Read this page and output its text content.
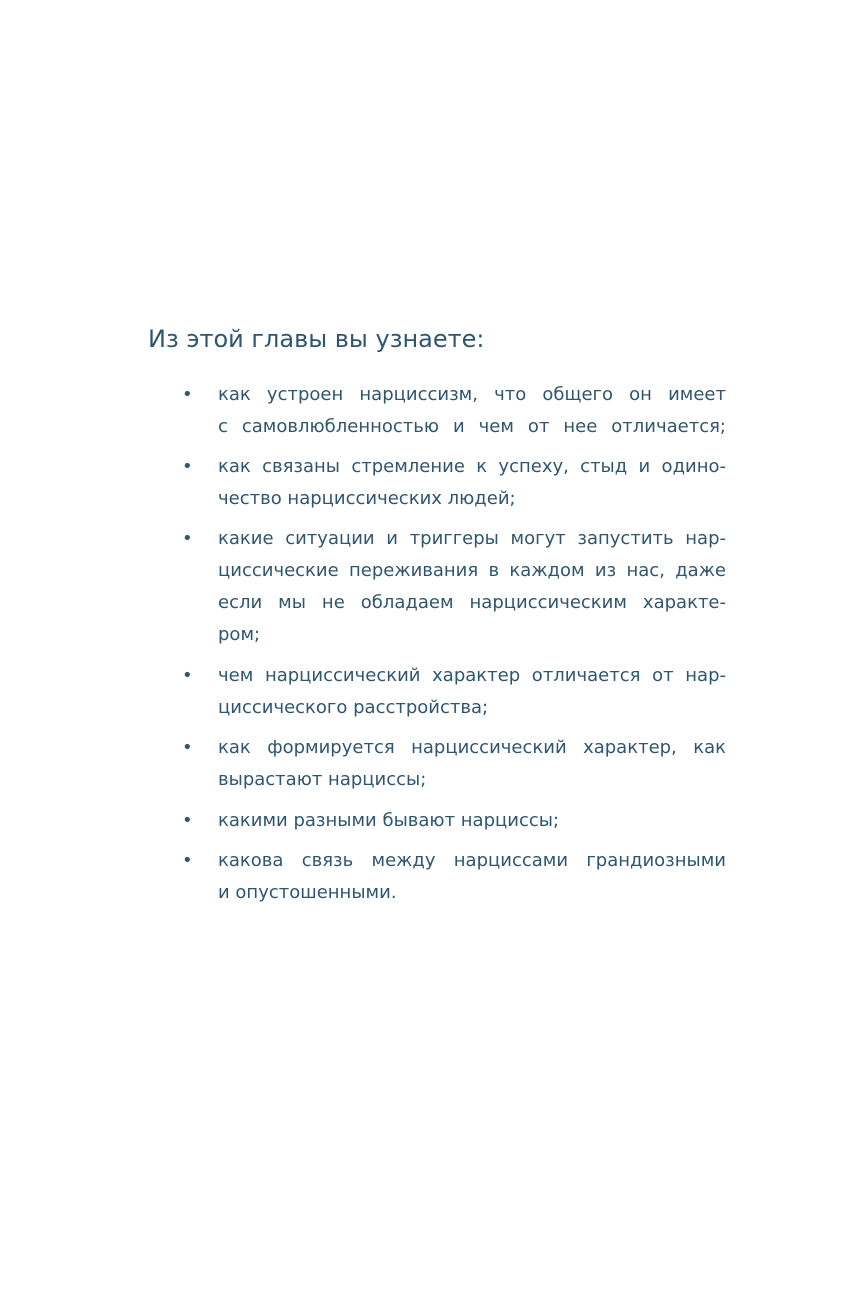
Из этой главы вы узнаете:
• как устроен нарциссизм, что общего он имеет
с самовлюбленностью и чем от нее отличается;
• как связаны стремление к успеху, стыд и одино-
чество нарциссических людей;
• какие ситуации и триггеры могут запустить нар-
циссические переживания в каждом из нас, даже
если мы не обладаем нарциссическим характе-
ром;
• чем нарциссический характер отличается от нар-
циссического расстройства;
• как формируется нарциссический характер, как
вырастают нарциссы;
• какими разными бывают нарциссы;
• какова связь между нарциссами грандиозными
и опустошенными.
